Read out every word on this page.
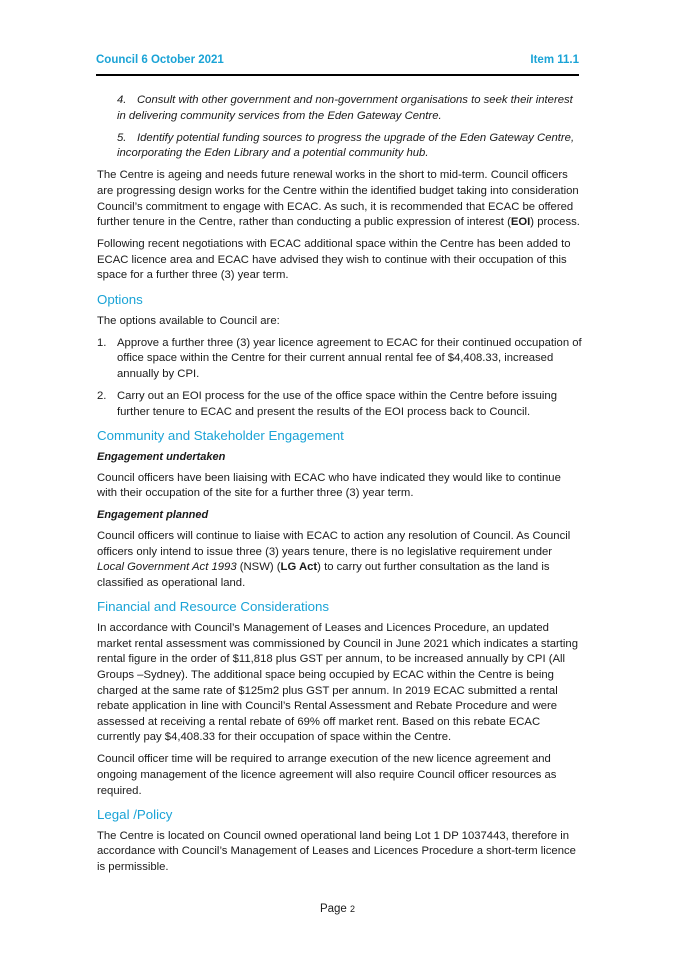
Council 6 October 2021	Item 11.1

4. Consult with other government and non-government organisations to seek their interest in delivering community services from the Eden Gateway Centre.

5. Identify potential funding sources to progress the upgrade of the Eden Gateway Centre, incorporating the Eden Library and a potential community hub.

The Centre is ageing and needs future renewal works in the short to mid-term. Council officers are progressing design works for the Centre within the identified budget taking into consideration Council’s commitment to engage with ECAC. As such, it is recommended that ECAC be offered further tenure in the Centre, rather than conducting a public expression of interest (EOI) process.

Following recent negotiations with ECAC additional space within the Centre has been added to ECAC licence area and ECAC have advised they wish to continue with their occupation of this space for a further three (3) year term.

Options

The options available to Council are:

1. Approve a further three (3) year licence agreement to ECAC for their continued occupation of office space within the Centre for their current annual rental fee of $4,408.33, increased annually by CPI.
2. Carry out an EOI process for the use of the office space within the Centre before issuing further tenure to ECAC and present the results of the EOI process back to Council.
Community and Stakeholder Engagement
Engagement undertaken

Council officers have been liaising with ECAC who have indicated they would like to continue with their occupation of the site for a further three (3) year term.

Engagement planned

Council officers will continue to liaise with ECAC to action any resolution of Council. As Council officers only intend to issue three (3) years tenure, there is no legislative requirement under Local Government Act 1993 (NSW) (LG Act) to carry out further consultation as the land is classified as operational land.

Financial and Resource Considerations

In accordance with Council’s Management of Leases and Licences Procedure, an updated market rental assessment was commissioned by Council in June 2021 which indicates a starting rental figure in the order of $11,818 plus GST per annum, to be increased annually by CPI (All Groups –Sydney). The additional space being occupied by ECAC within the Centre is being charged at the same rate of $125m2 plus GST per annum. In 2019 ECAC submitted a rental rebate application in line with Council’s Rental Assessment and Rebate Procedure and were assessed at receiving a rental rebate of 69% off market rent. Based on this rebate ECAC currently pay $4,408.33 for their occupation of space within the Centre.

Council officer time will be required to arrange execution of the new licence agreement and ongoing management of the licence agreement will also require Council officer resources as required.

Legal /Policy

The Centre is located on Council owned operational land being Lot 1 DP 1037443, therefore in accordance with Council’s Management of Leases and Licences Procedure a short-term licence is permissible.

Page 2
